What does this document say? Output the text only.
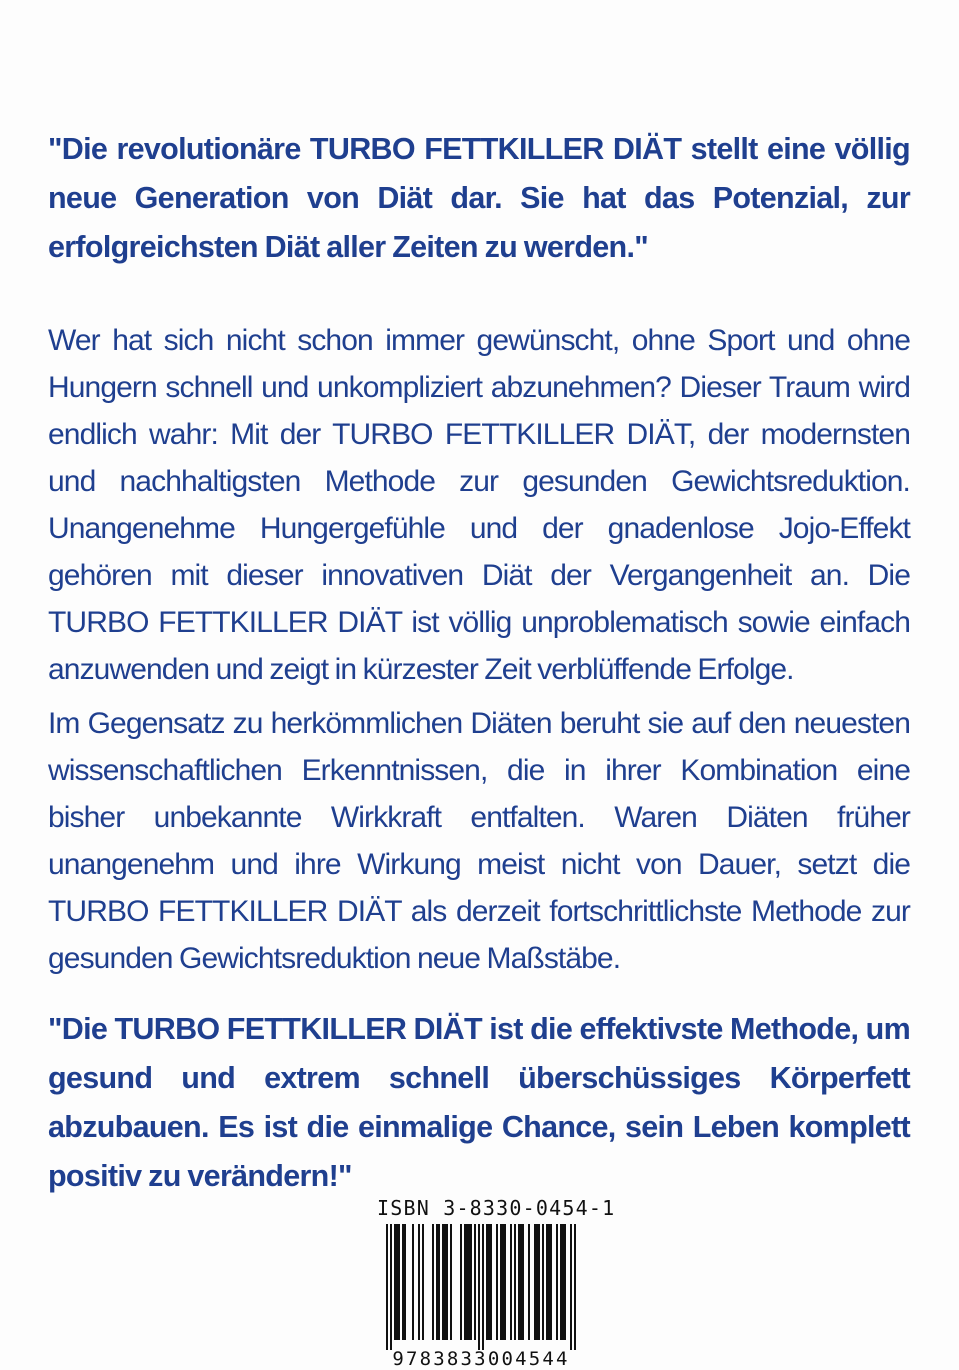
"Die revolutionäre TURBO FETTKILLER DIÄT stellt eine völlig neue Generation von Diät dar. Sie hat das Potenzial, zur erfolgreichsten Diät aller Zeiten zu werden."
Wer hat sich nicht schon immer gewünscht, ohne Sport und ohne Hungern schnell und unkompliziert abzunehmen? Dieser Traum wird endlich wahr: Mit der TURBO FETTKILLER DIÄT, der modernsten und nachhaltigsten Methode zur gesunden Gewichtsreduktion. Unangenehme Hungergefühle und der gnadenlose Jojo-Effekt gehören mit dieser innovativen Diät der Vergangenheit an. Die TURBO FETTKILLER DIÄT ist völlig unproblematisch sowie einfach anzuwenden und zeigt in kürzester Zeit verblüffende Erfolge.
Im Gegensatz zu herkömmlichen Diäten beruht sie auf den neuesten wissenschaftlichen Erkenntnissen, die in ihrer Kombination eine bisher unbekannte Wirkkraft entfalten. Waren Diäten früher unangenehm und ihre Wirkung meist nicht von Dauer, setzt die TURBO FETTKILLER DIÄT als derzeit fortschrittlichste Methode zur gesunden Gewichtsreduktion neue Maßstäbe.
"Die TURBO FETTKILLER DIÄT ist die effektivste Methode, um gesund und extrem schnell überschüssiges Körperfett abzubauen. Es ist die einmalige Chance, sein Leben komplett positiv zu verändern!"
ISBN 3-8330-0454-1
9783833004544
